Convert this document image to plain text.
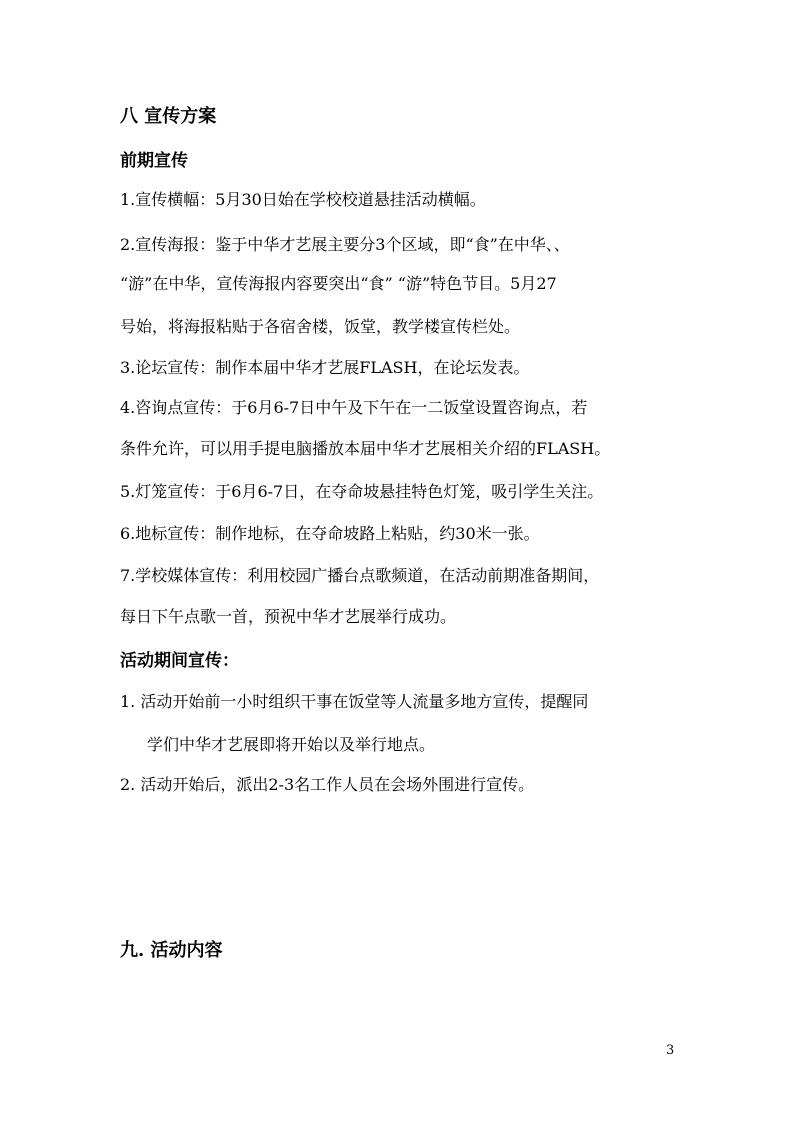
八 宣传方案
前期宣传
1.宣传横幅：5月30日始在学校校道悬挂活动横幅。
2.宣传海报：鉴于中华才艺展主要分3个区域，即“食”在中华、、
“游”在中华，宣传海报内容要突出“食” “游”特色节目。5月27
号始，将海报粘贴于各宿舍楼，饭堂，教学楼宣传栏处。
3.论坛宣传：制作本届中华才艺展FLASH，在论坛发表。
4.咨询点宣传：于6月6-7日中午及下午在一二饭堂设置咨询点，若
条件允许，可以用手提电脑播放本届中华才艺展相关介绍的FLASH。
5.灯笼宣传：于6月6-7日，在夺命坡悬挂特色灯笼，吸引学生关注。
6.地标宣传：制作地标，在夺命坡路上粘贴，约30米一张。
7.学校媒体宣传：利用校园广播台点歌频道，在活动前期准备期间，
每日下午点歌一首，预祝中华才艺展举行成功。
活动期间宣传：
1. 活动开始前一小时组织干事在饭堂等人流量多地方宣传，提醒同
学们中华才艺展即将开始以及举行地点。
2. 活动开始后，派出2-3名工作人员在会场外围进行宣传。
九. 活动内容
3
